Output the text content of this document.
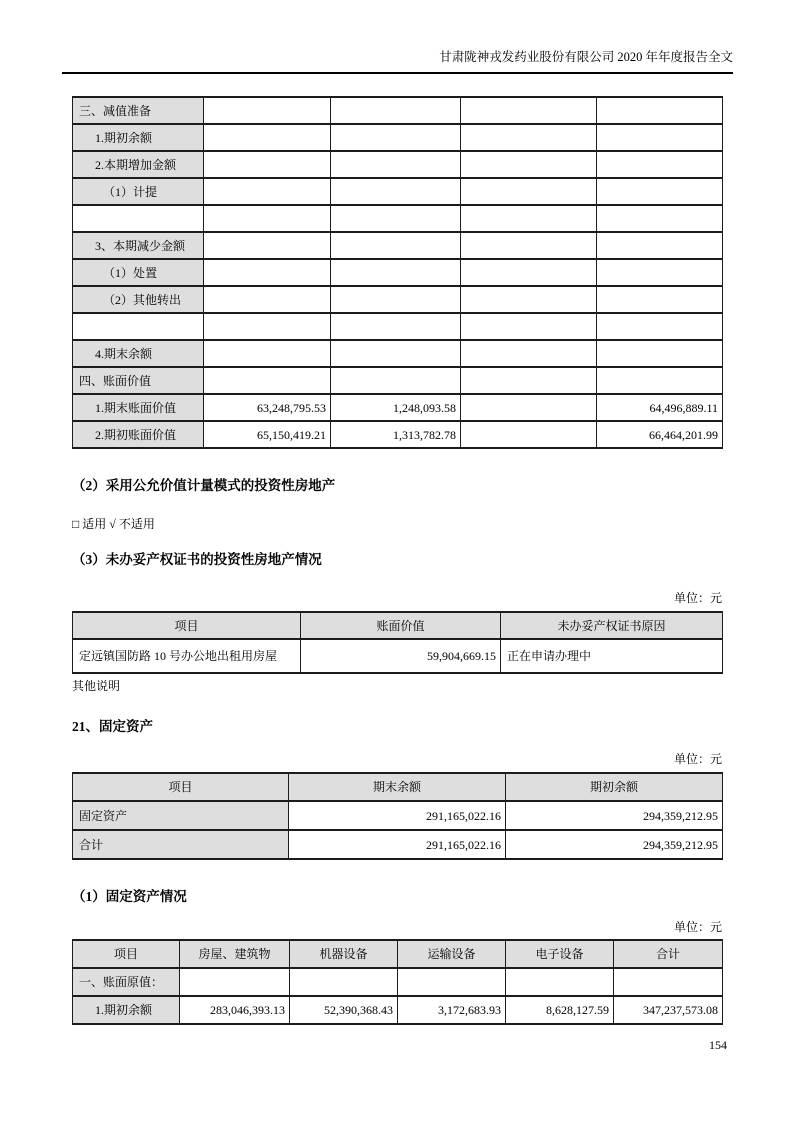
甘肃陇神戎发药业股份有限公司 2020 年年度报告全文
三、减值准备				
1.期初余额				
2.本期增加金额				
（1）计提				

3、本期减少金额				
（1）处置				
（2）其他转出				

4.期末余额				
四、账面价值				
1.期末账面价值	63,248,795.53	1,248,093.58		64,496,889.11
2.期初账面价值	65,150,419.21	1,313,782.78		66,464,201.99
（2）采用公允价值计量模式的投资性房地产
□ 适用 √ 不适用
（3）未办妥产权证书的投资性房地产情况
单位：元
项目	账面价值	未办妥产权证书原因
定远镇国防路 10 号办公地出租用房屋	59,904,669.15	正在申请办理中
其他说明
21、固定资产
单位：元
项目	期末余额	期初余额
固定资产	291,165,022.16	294,359,212.95
合计	291,165,022.16	294,359,212.95
（1）固定资产情况
单位：元
项目	房屋、建筑物	机器设备	运输设备	电子设备	合计
一、账面原值：					
1.期初余额	283,046,393.13	52,390,368.43	3,172,683.93	8,628,127.59	347,237,573.08
154
